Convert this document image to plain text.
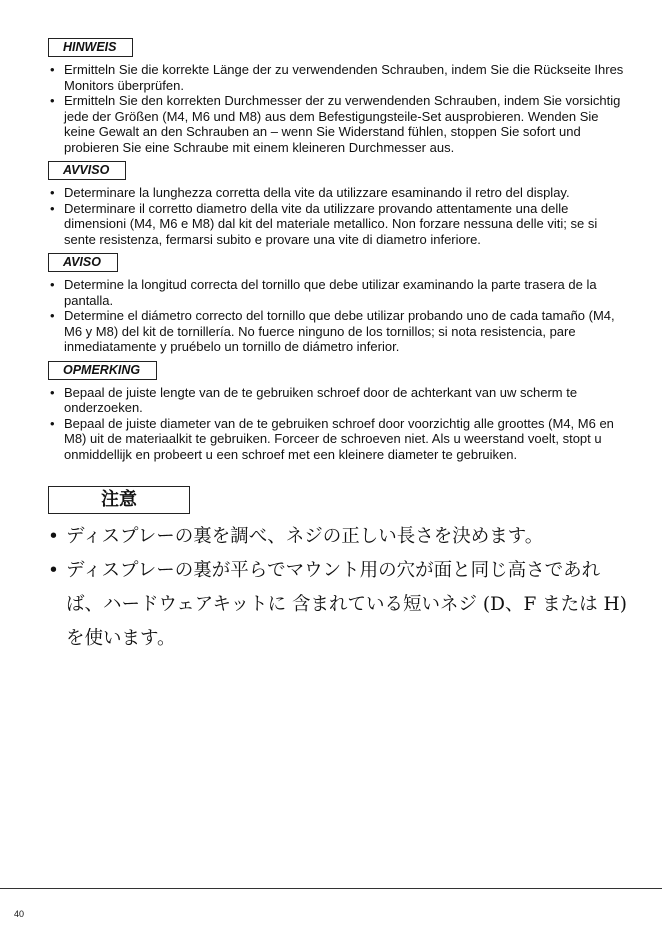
HINWEIS
• Ermitteln Sie die korrekte Länge der zu verwendenden Schrauben, indem Sie die Rückseite Ihres Monitors überprüfen.
• Ermitteln Sie den korrekten Durchmesser der zu verwendenden Schrauben, indem Sie vorsichtig jede der Größen (M4, M6 und M8) aus dem Befestigungsteile-Set ausprobieren. Wenden Sie keine Gewalt an den Schrauben an – wenn Sie Widerstand fühlen, stoppen Sie sofort und probieren Sie eine Schraube mit einem kleineren Durchmesser aus.
AVVISO
• Determinare la lunghezza corretta della vite da utilizzare esaminando il retro del display.
• Determinare il corretto diametro della vite da utilizzare provando attentamente una delle dimensioni (M4, M6 e M8) dal kit del materiale metallico. Non forzare nessuna delle viti; se si sente resistenza, fermarsi subito e provare una vite di diametro inferiore.
AVISO
• Determine la longitud correcta del tornillo que debe utilizar examinando la parte trasera de la pantalla.
• Determine el diámetro correcto del tornillo que debe utilizar probando uno de cada tamaño (M4, M6 y M8) del kit de tornillería. No fuerce ninguno de los tornillos; si nota resistencia, pare inmediatamente y pruébelo un tornillo de diámetro inferior.
OPMERKING
• Bepaal de juiste lengte van de te gebruiken schroef door de achterkant van uw scherm te onderzoeken.
• Bepaal de juiste diameter van de te gebruiken schroef door voorzichtig alle groottes (M4, M6 en M8) uit de materiaalkit te gebruiken. Forceer de schroeven niet. Als u weerstand voelt, stopt u onmiddellijk en probeert u een schroef met een kleinere diameter te gebruiken.
注意
• ディスプレーの裏を調べ、ネジの正しい長さを決めます。
• ディスプレーの裏が平らでマウント用の穴が面と同じ高さであれば、ハードウェアキットに 含まれている短いネジ (D、F または H)を使います。
40
